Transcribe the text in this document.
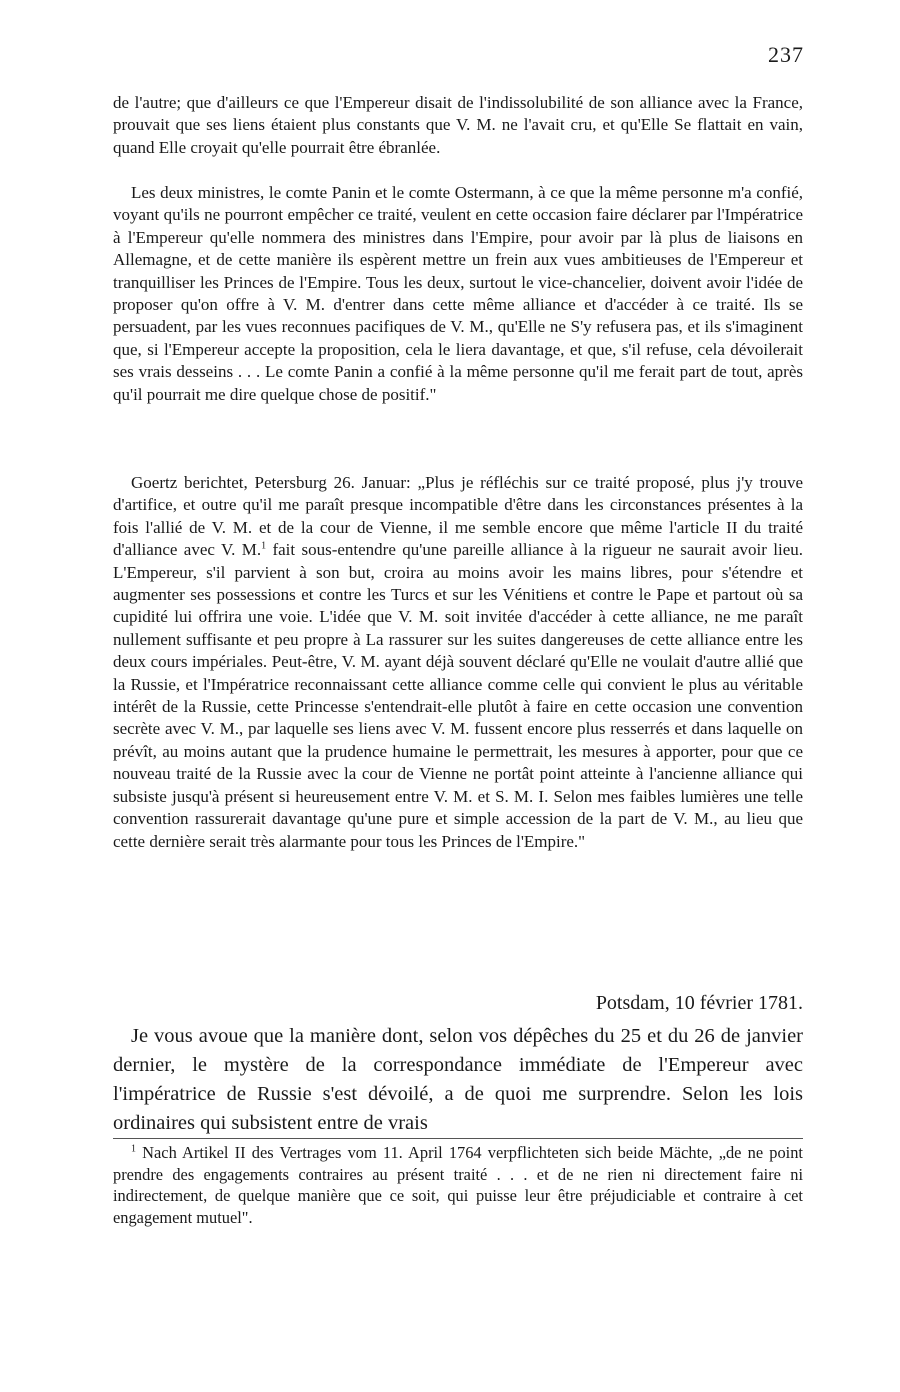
237

de l'autre; que d'ailleurs ce que l'Empereur disait de l'indissolubilité de son alliance avec la France, prouvait que ses liens étaient plus constants que V. M. ne l'avait cru, et qu'Elle Se flattait en vain, quand Elle croyait qu'elle pourrait être ébranlée.

Les deux ministres, le comte Panin et le comte Ostermann, à ce que la même personne m'a confié, voyant qu'ils ne pourront empêcher ce traité, veulent en cette occasion faire déclarer par l'Impératrice à l'Empereur qu'elle nommera des ministres dans l'Empire, pour avoir par là plus de liaisons en Allemagne, et de cette manière ils espèrent mettre un frein aux vues ambitieuses de l'Empereur et tranquilliser les Princes de l'Empire. Tous les deux, surtout le vice-chancelier, doivent avoir l'idée de proposer qu'on offre à V. M. d'entrer dans cette même alliance et d'accéder à ce traité. Ils se persuadent, par les vues reconnues pacifiques de V. M., qu'Elle ne S'y refusera pas, et ils s'imaginent que, si l'Empereur accepte la proposition, cela le liera davantage, et que, s'il refuse, cela dévoilerait ses vrais desseins . . . Le comte Panin a confié à la même personne qu'il me ferait part de tout, après qu'il pourrait me dire quelque chose de positif."

Goertz berichtet, Petersburg 26. Januar: „Plus je réfléchis sur ce traité proposé, plus j'y trouve d'artifice, et outre qu'il me paraît presque incompatible d'être dans les circonstances présentes à la fois l'allié de V. M. et de la cour de Vienne, il me semble encore que même l'article II du traité d'alliance avec V. M.$^1$ fait sous-entendre qu'une pareille alliance à la rigueur ne saurait avoir lieu. L'Empereur, s'il parvient à son but, croira au moins avoir les mains libres, pour s'étendre et augmenter ses possessions et contre les Turcs et sur les Vénitiens et contre le Pape et partout où sa cupidité lui offrira une voie. L'idée que V. M. soit invitée d'accéder à cette alliance, ne me paraît nullement suffisante et peu propre à La rassurer sur les suites dangereuses de cette alliance entre les deux cours impériales. Peut-être, V. M. ayant déjà souvent déclaré qu'Elle ne voulait d'autre allié que la Russie, et l'Impératrice reconnaissant cette alliance comme celle qui convient le plus au véritable intérêt de la Russie, cette Princesse s'entendrait-elle plutôt à faire en cette occasion une convention secrète avec V. M., par laquelle ses liens avec V. M. fussent encore plus resserrés et dans laquelle on prévît, au moins autant que la prudence humaine le permettrait, les mesures à apporter, pour que ce nouveau traité de la Russie avec la cour de Vienne ne portât point atteinte à l'ancienne alliance qui subsiste jusqu'à présent si heureusement entre V. M. et S. M. I. Selon mes faibles lumières une telle convention rassurerait davantage qu'une pure et simple accession de la part de V. M., au lieu que cette dernière serait très alarmante pour tous les Princes de l'Empire."

Potsdam, 10 février 1781.

Je vous avoue que la manière dont, selon vos dépêches du 25 et du 26 de janvier dernier, le mystère de la correspondance immédiate de l'Empereur avec l'impératrice de Russie s'est dévoilé, a de quoi me surprendre. Selon les lois ordinaires qui subsistent entre de vrais

$^1$ Nach Artikel II des Vertrages vom 11. April 1764 verpflichteten sich beide Mächte, „de ne point prendre des engagements contraires au présent traité . . . et de ne rien ni directement faire ni indirectement, de quelque manière que ce soit, qui puisse leur être préjudiciable et contraire à cet engagement mutuel".
